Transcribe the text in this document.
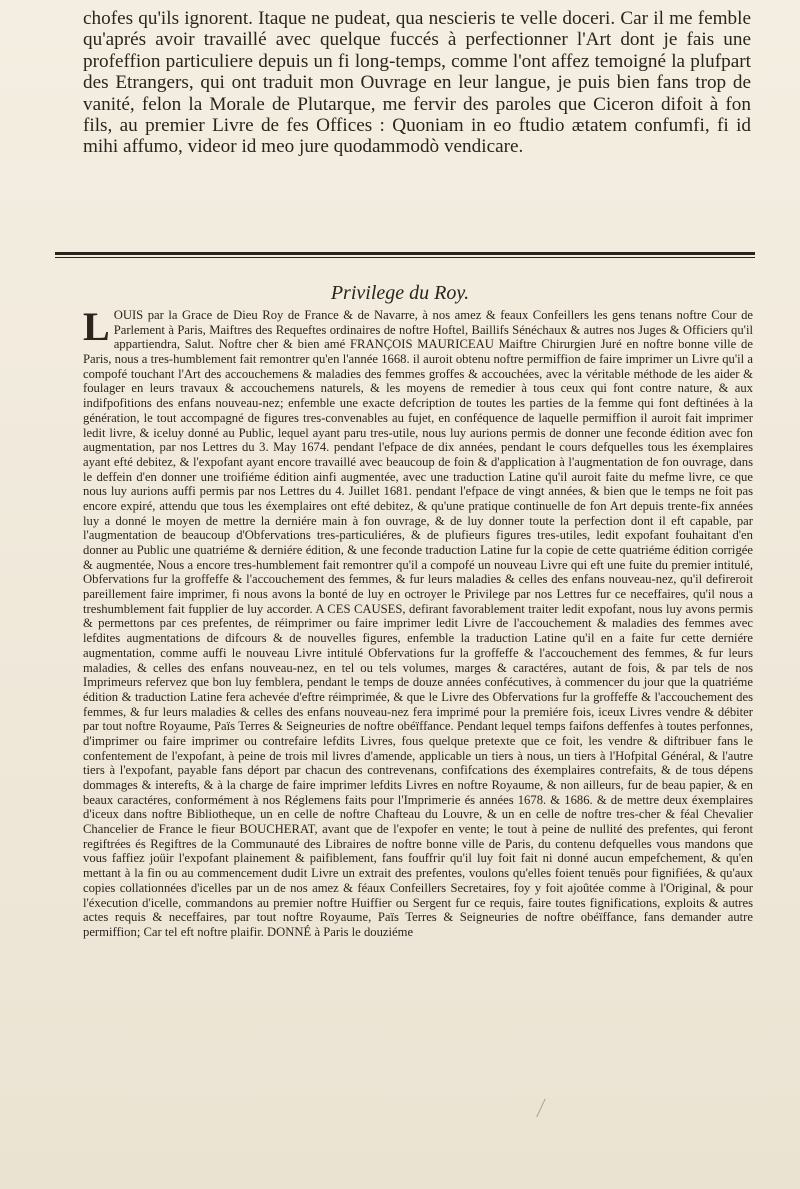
chofes qu'ils ignorent. Itaque ne pudeat, qua nescieris te velle doceri. Car il me femble qu'aprés avoir travaillé avec quelque fuccés à perfectionner l'Art dont je fais une profeffion particuliere depuis un fi long-temps, comme l'ont affez temoigné la plufpart des Etrangers, qui ont traduit mon Ouvrage en leur langue, je puis bien fans trop de vanité, felon la Morale de Plutarque, me fervir des paroles que Ciceron difoit à fon fils, au premier Livre de fes Offices : Quoniam in eo ftudio ætatem confumfi, fi id mihi affumo, videor id meo jure quodammodò vendicare.

Privilege du Roy.

LOUIS par la Grace de Dieu Roy de France & de Navarre, à nos amez & feaux Confeillers les gens tenans noftre Cour de Parlement à Paris, Maiftres des Requeftes ordinaires de noftre Hoftel, Baillifs Sénéchaux & autres nos Juges & Officiers qu'il appartiendra, Salut. Noftre cher & bien amé FRANÇOIS MAURICEAU Maiftre Chirurgien Juré en noftre bonne ville de Paris, nous a tres-humblement fait remontrer qu'en l'année 1668. il auroit obtenu noftre permiffion de faire imprimer un Livre qu'il a compofé touchant l'Art des accouchemens & maladies des femmes groffes & accouchées, avec la véritable méthode de les aider & foulager en leurs travaux & accouchemens naturels, & les moyens de remedier à tous ceux qui font contre nature, & aux indifpofitions des enfans nouveau-nez; enfemble une exacte defcription de toutes les parties de la femme qui font deftinées à la génération, le tout accompagné de figures tres-convenables au fujet, en conféquence de laquelle permiffion il auroit fait imprimer ledit livre, & iceluy donné au Public, lequel ayant paru tres-utile, nous luy aurions permis de donner une feconde édition avec fon augmentation, par nos Lettres du 3. May 1674. pendant l'efpace de dix années, pendant le cours defquelles tous les éxemplaires ayant efté debitez, & l'expofant ayant encore travaillé avec beaucoup de foin & d'application à l'augmentation de fon ouvrage, dans le deffein d'en donner une troifiéme édition ainfi augmentée, avec une traduction Latine qu'il auroit faite du mefme livre, ce que nous luy aurions auffi permis par nos Lettres du 4. Juillet 1681. pendant l'efpace de vingt années, & bien que le temps ne foit pas encore expiré, attendu que tous les éxemplaires ont efté debitez, & qu'une pratique continuelle de fon Art depuis trente-fix années luy a donné le moyen de mettre la derniére main à fon ouvrage, & de luy donner toute la perfection dont il eft capable, par l'augmentation de beaucoup d'Obfervations tres-particuliéres, & de plufieurs figures tres-utiles, ledit expofant fouhaitant d'en donner au Public une quatriéme & derniére édition, & une feconde traduction Latine fur la copie de cette quatriéme édition corrigée & augmentée, Nous a encore tres-humblement fait remontrer qu'il a compofé un nouveau Livre qui eft une fuite du premier intitulé, Obfervations fur la groffeffe & l'accouchement des femmes, & fur leurs maladies & celles des enfans nouveau-nez, qu'il defireroit pareillement faire imprimer, fi nous avons la bonté de luy en octroyer le Privilege par nos Lettres fur ce neceffaires, qu'il nous a treshumblement fait fupplier de luy accorder. A CES CAUSES, defirant favorablement traiter ledit expofant, nous luy avons permis & permettons par ces prefentes, de réimprimer ou faire imprimer ledit Livre de l'accouchement & maladies des femmes avec lefdites augmentations de difcours & de nouvelles figures, enfemble la traduction Latine qu'il en a faite fur cette derniére augmentation, comme auffi le nouveau Livre intitulé Obfervations fur la groffeffe & l'accouchement des femmes, & fur leurs maladies, & celles des enfans nouveau-nez, en tel ou tels volumes, marges & caractéres, autant de fois, & par tels de nos Imprimeurs refervez que bon luy femblera, pendant le temps de douze années confécutives, à commencer du jour que la quatriéme édition & traduction Latine fera achevée d'eftre réimprimée, & que le Livre des Obfervations fur la groffeffe & l'accouchement des femmes, & fur leurs maladies & celles des enfans nouveau-nez fera imprimé pour la premiére fois, iceux Livres vendre & débiter par tout noftre Royaume, Païs Terres & Seigneuries de noftre obéïffance. Pendant lequel temps faifons deffenfes à toutes perfonnes, d'imprimer ou faire imprimer ou contrefaire lefdits Livres, fous quelque pretexte que ce foit, les vendre & diftribuer fans le confentement de l'expofant, à peine de trois mil livres d'amende, applicable un tiers à nous, un tiers à l'Hofpital Général, & l'autre tiers à l'expofant, payable fans déport par chacun des contrevenans, confifcations des éxemplaires contrefaits, & de tous dépens dommages & interefts, & à la charge de faire imprimer lefdits Livres en noftre Royaume, & non ailleurs, fur de beau papier, & en beaux caractéres, conformément à nos Réglemens faits pour l'Imprimerie és années 1678. & 1686. & de mettre deux éxemplaires d'iceux dans noftre Bibliotheque, un en celle de noftre Chafteau du Louvre, & un en celle de noftre tres-cher & féal Chevalier Chancelier de France le fieur BOUCHERAT, avant que de l'expofer en vente; le tout à peine de nullité des prefentes, qui feront regiftrées és Regiftres de la Communauté des Libraires de noftre bonne ville de Paris, du contenu defquelles vous mandons que vous faffiez joüir l'expofant plainement & paifiblement, fans fouffrir qu'il luy foit fait ni donné aucun empefchement, & qu'en mettant à la fin ou au commencement dudit Livre un extrait des prefentes, voulons qu'elles foient tenuës pour fignifiées, & qu'aux copies collationnées d'icelles par un de nos amez & féaux Confeillers Secretaires, foy y foit ajoûtée comme à l'Original, & pour l'éxecution d'icelle, commandons au premier noftre Huiffier ou Sergent fur ce requis, faire toutes fignifications, exploits & autres actes requis & neceffaires, par tout noftre Royaume, Païs Terres & Seigneuries de noftre obéïffance, fans demander autre permiffion; Car tel eft noftre plaifir. DONNÉ à Paris le douziéme
